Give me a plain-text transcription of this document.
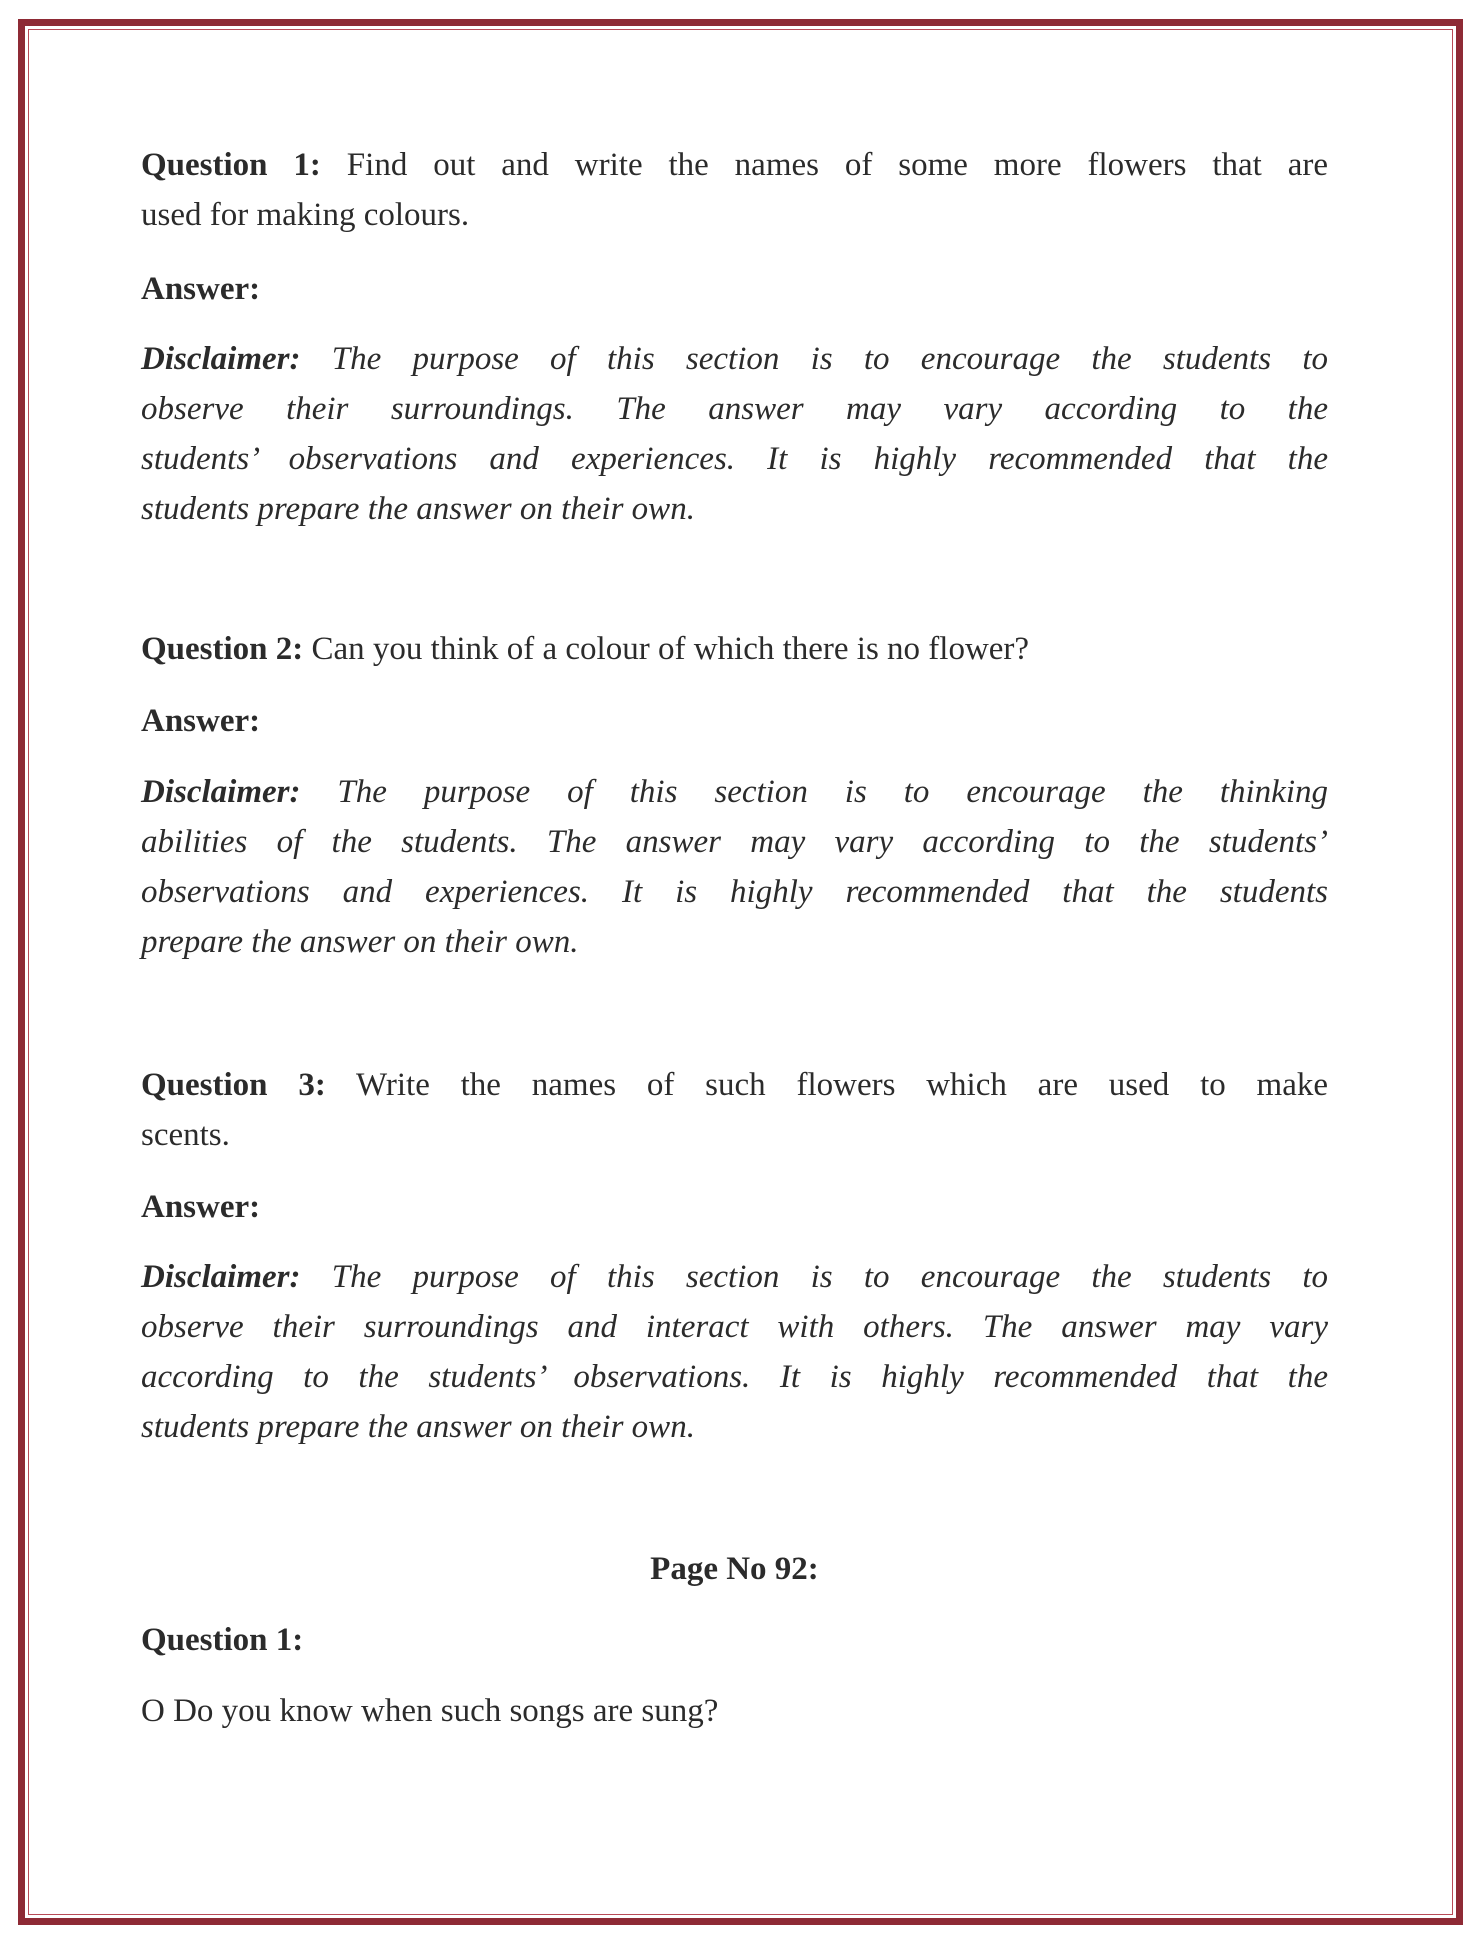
Question 1: Find out and write the names of some more flowers that are
used for making colours.
Answer:
Disclaimer: The purpose of this section is to encourage the students to
observe their surroundings. The answer may vary according to the
students’ observations and experiences. It is highly recommended that the
students prepare the answer on their own.
Question 2: Can you think of a colour of which there is no flower?
Answer:
Disclaimer: The purpose of this section is to encourage the thinking
abilities of the students. The answer may vary according to the students’
observations and experiences. It is highly recommended that the students
prepare the answer on their own.
Question 3: Write the names of such flowers which are used to make
scents.
Answer:
Disclaimer: The purpose of this section is to encourage the students to
observe their surroundings and interact with others. The answer may vary
according to the students’ observations. It is highly recommended that the
students prepare the answer on their own.
Page No 92:
Question 1:
O Do you know when such songs are sung?
